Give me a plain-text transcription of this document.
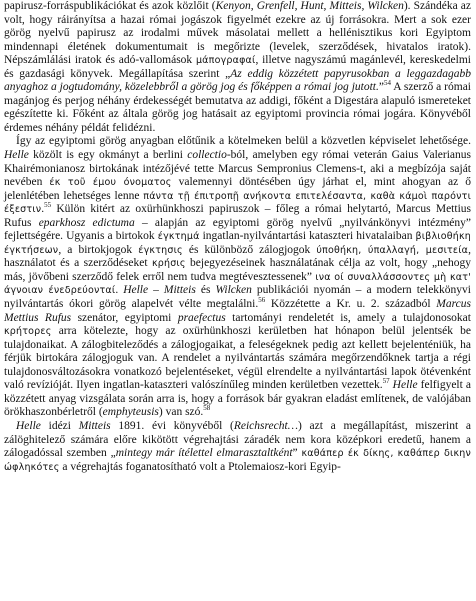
papirusz-forráspublikációkat és azok közlőit (Kenyon, Grenfell, Hunt, Mitteis, Wilcken). Szándéka az volt, hogy ráirányítsa a hazai római jogászok figyelmét ezekre az új forrásokra. Mert a sok ezer görög nyelvű papirusz az irodalmi művek másolatai mellett a hellénisztikus kori Egyiptom mindennapi életének dokumentumait is megőrizte (levelek, szerződések, hivatalos iratok). Népszámlálási iratok és adó-vallomások μάπογραφαί, illetve nagyszámú magánlevél, kereskedelmi és gazdasági könyvek. Megállapítása szerint „Az eddig közzétett papyrusokban a leggazdagabb anyaghoz a jogtudomány, közelebbről a görög jog és főképpen a római jog jutott.”$^{54}$ A szerző a római magánjog és perjog néhány érdekességét bemutatva az addigi, főként a Digestára alapuló ismereteket egészítette ki. Főként az általa görög jog hatásait az egyiptomi provincia római jogára. Könyvéből érdemes néhány példát felidézni.

Így az egyiptomi görög anyagban előtűnik a kötelmeken belül a közvetlen képviselet lehetősége. Helle közölt is egy okmányt a berlini collectio-ból, amelyben egy római veterán Gaius Valerianus Khairémonianosz birtokának intézőjévé tette Marcus Sempronius Clemens-t, aki a megbízója saját nevében έκ τοῦ έμου όνοματος valemennyi döntésében úgy járhat el, mint ahogyan az ő jelenlétében lehetséges lenne πάντα τῇ έπιτροπῇ ανήκοντα επιτελέσαντα, καθὰ κάμοὶ παρόντι έξεστιν.$^{55}$ Külön kitért az oxürhünkhoszi papiruszok – főleg a római helytartó, Marcus Mettius Rufus eparkhosz edictuma – alapján az egyiptomi görög nyelvű „nyilvánkönyvi intézmény” fejlettségére. Ugyanis a birtokok έγκτημά ingatlan-nyilvántartási kataszteri hivatalaiban βιβλιοθήκη έγκτήσεων, a birtokjogok έγκτησις és különböző zálogjogok ύποθήκη, ύπαλλαγή, μεσιτεία, használatot és a szerződéseket κρήσις bejegyezéseinek használatának célja az volt, hogy „nehogy más, jövőbeni szerződő felek erről nem tudva megtévesztessenek” ινα οί συναλλάσσοντες μὴ κατ' άγνοιαν ένεδρεύονταί. Helle – Mitteis és Wilcken publikációi nyomán – a modern telekkönyvi nyilvántartás ókori görög alapelvét vélte megtalálni.$^{56}$ Közzétette a Kr. u. 2. századból Marcus Mettius Rufus szenátor, egyiptomi praefectus tartományi rendeletét is, amely a tulajdonosokat κρήτορες arra kötelezte, hogy az oxürhünkhoszi kerületben hat hónapon belül jelentsék be tulajdonaikat. A zálogbiteleződés a zálogjogaikat, a feleségeknek pedig azt kellett bejelenténiük, ha férjük birtokára zálogjoguk van. A rendelet a nyilvántartás számára megőrzendőknek tartja a régi tulajdonosváltozásokra vonatkozó bejelentéseket, végül elrendelte a nyilvántartási lapok ötévenként való revízióját. Ilyen ingatlan-kataszteri valószínűleg minden kerületben vezettek.$^{57}$ Helle felfigyelt a közzétett anyag vizsgálata során arra is, hogy a források bár gyakran eladást említenek, de valójában örökhaszonbérletről (emphyteusis) van szó.$^{58}$

Helle idézi Mitteis 1891. évi könyvéből (Reichsrecht…) azt a megállapítást, miszerint a zálöghitelező számára előre kikötött végrehajtási záradék nem kora középkori eredetű, hanem a zálogadóssal szemben „mintegy már ítélettel elmarasztaltként” καθάπερ έκ δίκης, καθάπερ δικην ώφληκότες a végrehajtás foganatosítható volt a Ptolemaiosz-kori Egyip-
